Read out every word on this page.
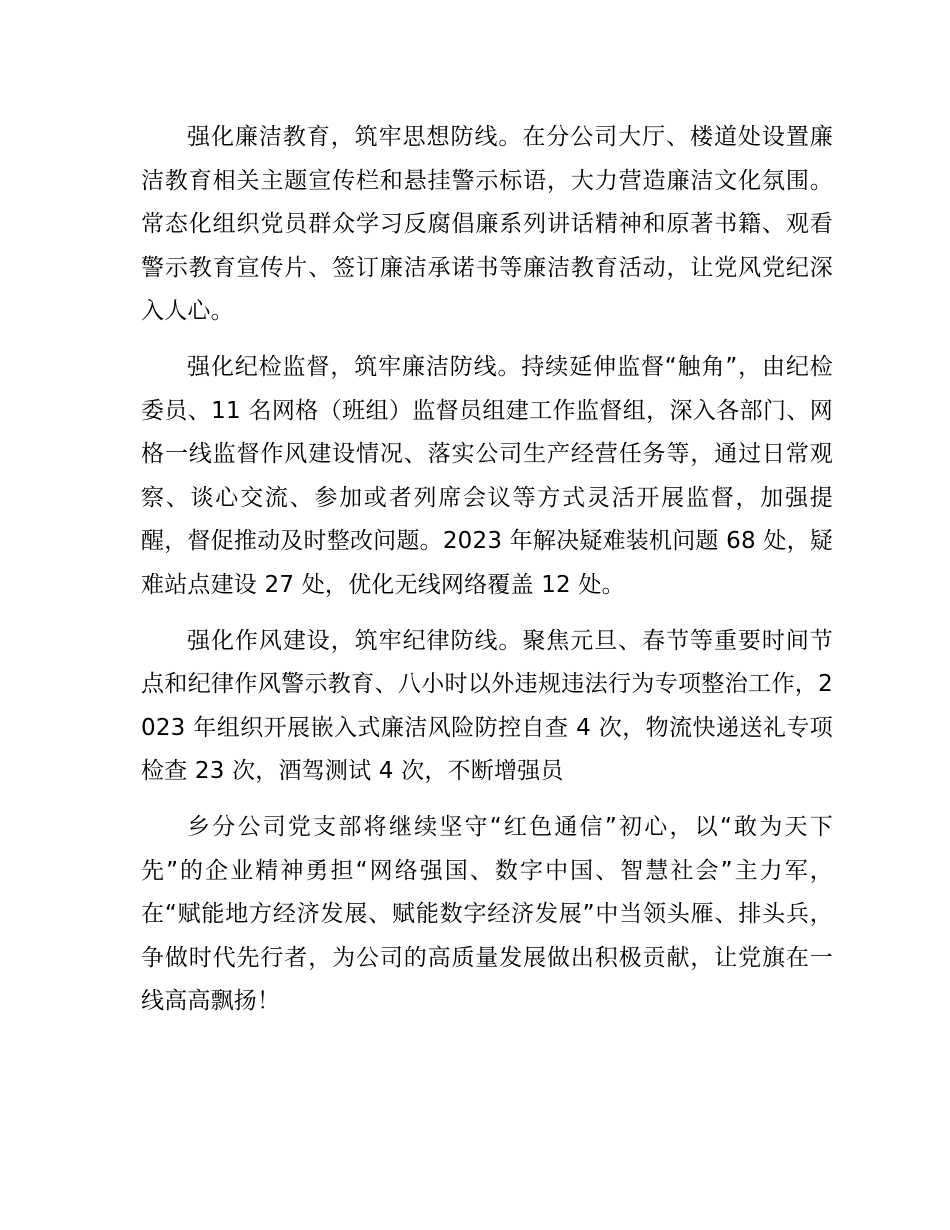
强化廉洁教育，筑牢思想防线。在分公司大厅、楼道处设置廉洁教育相关主题宣传栏和悬挂警示标语，大力营造廉洁文化氛围。常态化组织党员群众学习反腐倡廉系列讲话精神和原著书籍、观看警示教育宣传片、签订廉洁承诺书等廉洁教育活动，让党风党纪深入人心。

强化纪检监督，筑牢廉洁防线。持续延伸监督“触角”，由纪检委员、11 名网格（班组）监督员组建工作监督组，深入各部门、网格一线监督作风建设情况、落实公司生产经营任务等，通过日常观察、谈心交流、参加或者列席会议等方式灵活开展监督，加强提醒，督促推动及时整改问题。2023 年解决疑难装机问题 68 处，疑难站点建设 27 处，优化无线网络覆盖 12 处。

强化作风建设，筑牢纪律防线。聚焦元旦、春节等重要时间节点和纪律作风警示教育、八小时以外违规违法行为专项整治工作，2023 年组织开展嵌入式廉洁风险防控自查 4 次，物流快递送礼专项检查 23 次，酒驾测试 4 次，不断增强员

乡分公司党支部将继续坚守“红色通信”初心，以“敢为天下先”的企业精神勇担“网络强国、数字中国、智慧社会”主力军，在“赋能地方经济发展、赋能数字经济发展”中当领头雁、排头兵，争做时代先行者，为公司的高质量发展做出积极贡献，让党旗在一线高高飘扬！
